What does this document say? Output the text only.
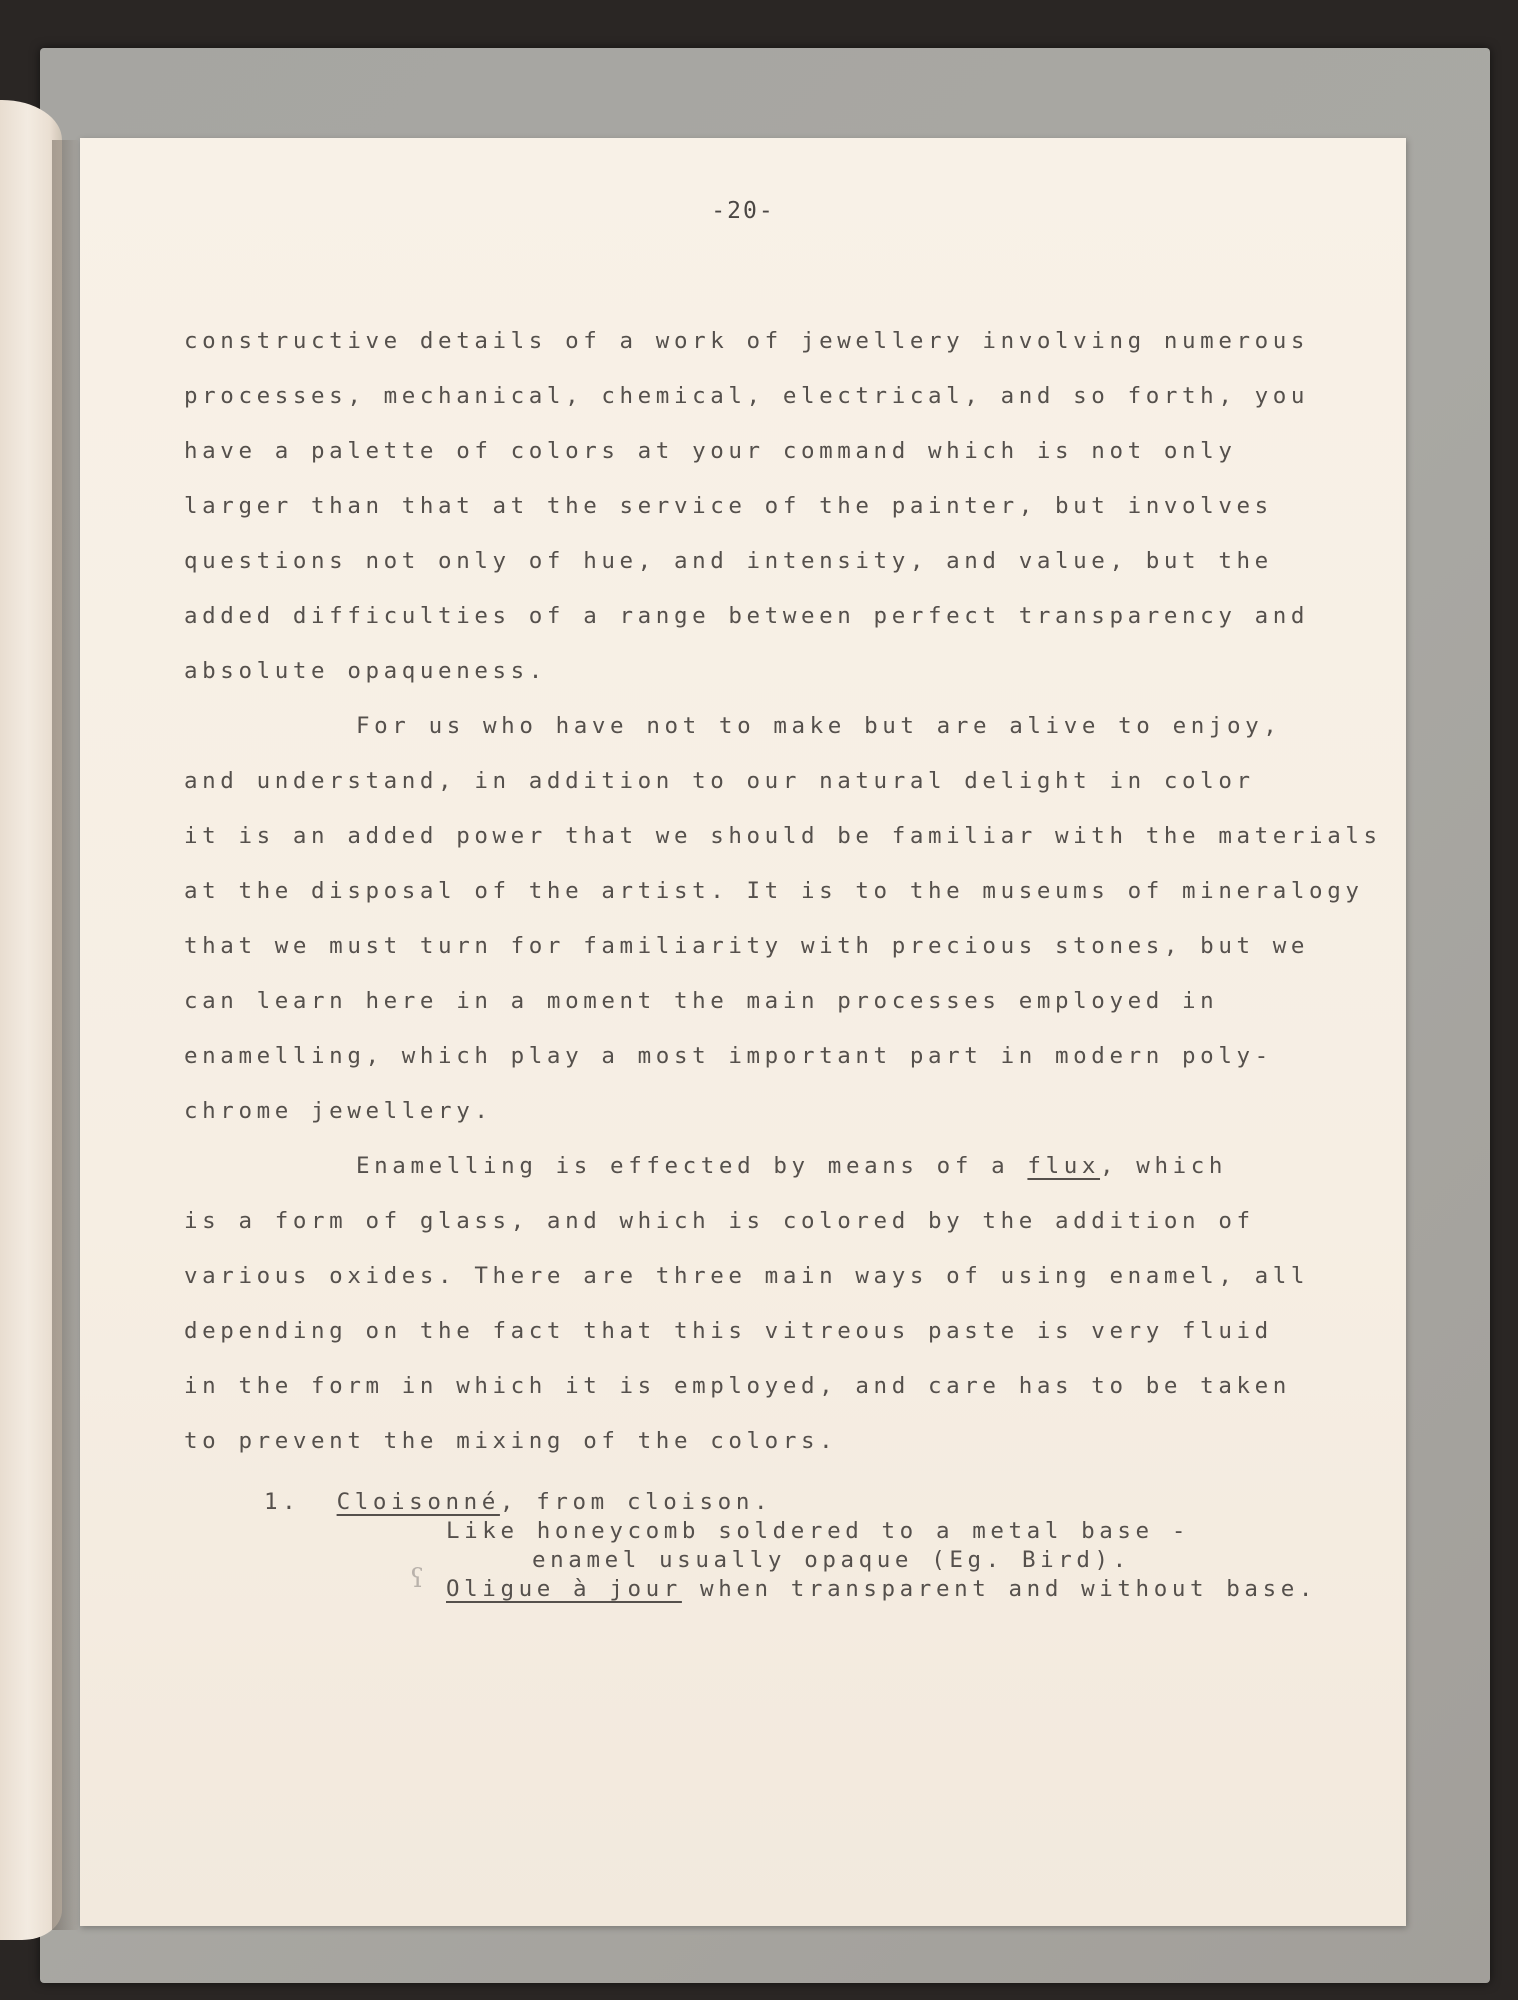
-20-
constructive details of a work of jewellery involving numerous
processes, mechanical, chemical, electrical, and so forth, you
have a palette of colors at your command which is not only
larger than that at the service of the painter, but involves
questions not only of hue, and intensity, and value, but the
added difficulties of a range between perfect transparency and
absolute opaqueness.
For us who have not to make but are alive to enjoy,
and understand, in addition to our natural delight in color
it is an added power that we should be familiar with the materials
at the disposal of the artist. It is to the museums of mineralogy
that we must turn for familiarity with precious stones, but we
can learn here in a moment the main processes employed in
enamelling, which play a most important part in modern poly-
chrome jewellery.
Enamelling is effected by means of a flux, which
is a form of glass, and which is colored by the addition of
various oxides. There are three main ways of using enamel, all
depending on the fact that this vitreous paste is very fluid
in the form in which it is employed, and care has to be taken
to prevent the mixing of the colors.
1. Cloisonné, from cloison.
Like honeycomb soldered to a metal base -
enamel usually opaque (Eg. Bird).
ʕ Oligue à jour when transparent and without base.
